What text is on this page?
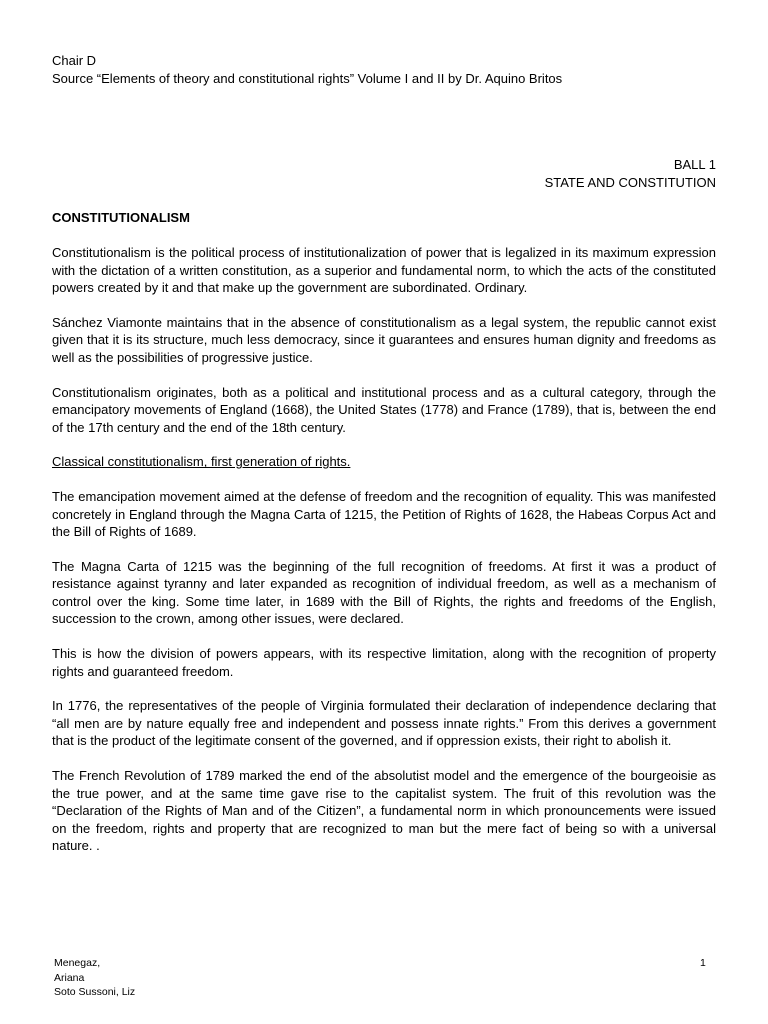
Chair D

Source “Elements of theory and constitutional rights” Volume I and II by Dr. Aquino Britos

BALL 1

STATE AND CONSTITUTION

CONSTITUTIONALISM

Constitutionalism is the political process of institutionalization of power that is legalized in its maximum expression with the dictation of a written constitution, as a superior and fundamental norm, to which the acts of the constituted powers created by it and that make up the government are subordinated. Ordinary.

Sánchez Viamonte maintains that in the absence of constitutionalism as a legal system, the republic cannot exist given that it is its structure, much less democracy, since it guarantees and ensures human dignity and freedoms as well as the possibilities of progressive justice.

Constitutionalism originates, both as a political and institutional process and as a cultural category, through the emancipatory movements of England (1668), the United States (1778) and France (1789), that is, between the end of the 17th century and the end of the 18th century.

Classical constitutionalism, first generation of rights.

The emancipation movement aimed at the defense of freedom and the recognition of equality. This was manifested concretely in England through the Magna Carta of 1215, the Petition of Rights of 1628, the Habeas Corpus Act and the Bill of Rights of 1689.

The Magna Carta of 1215 was the beginning of the full recognition of freedoms. At first it was a product of resistance against tyranny and later expanded as recognition of individual freedom, as well as a mechanism of control over the king. Some time later, in 1689 with the Bill of Rights, the rights and freedoms of the English, succession to the crown, among other issues, were declared.

This is how the division of powers appears, with its respective limitation, along with the recognition of property rights and guaranteed freedom.

In 1776, the representatives of the people of Virginia formulated their declaration of independence declaring that “all men are by nature equally free and independent and possess innate rights.” From this derives a government that is the product of the legitimate consent of the governed, and if oppression exists, their right to abolish it.

The French Revolution of 1789 marked the end of the absolutist model and the emergence of the bourgeoisie as the true power, and at the same time gave rise to the capitalist system. The fruit of this revolution was the “Declaration of the Rights of Man and of the Citizen”, a fundamental norm in which pronouncements were issued on the freedom, rights and property that are recognized to man but the mere fact of being so with a universal nature. .

Menegaz,
Ariana
Soto Sussoni, Liz
1
